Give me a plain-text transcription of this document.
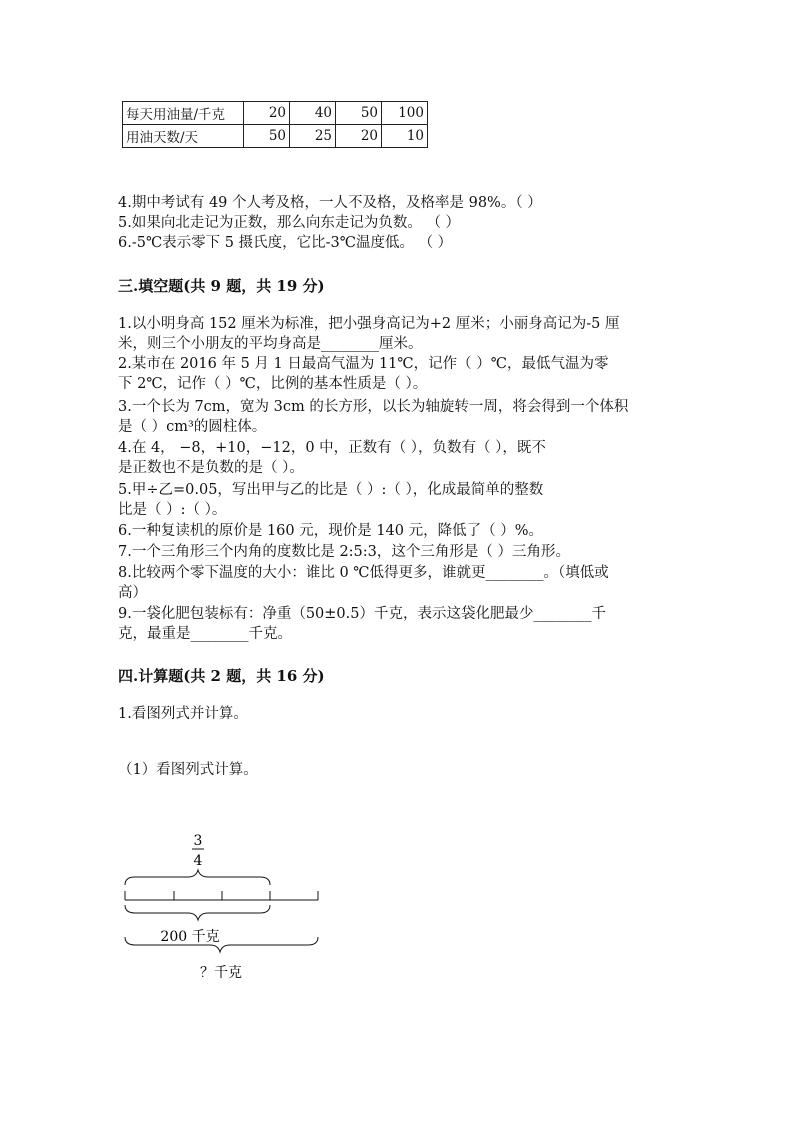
每天用油量/千克	20	40	50	100
用油天数/天	50	25	20	10
4.期中考试有 49 个人考及格，一人不及格，及格率是 98%。（ ）
5.如果向北走记为正数，那么向东走记为负数。 （ ）
6.-5℃表示零下 5 摄氏度，它比-3℃温度低。 （ ）
三.填空题(共 9 题，共 19 分)
1.以小明身高 152 厘米为标准，把小强身高记为+2 厘米；小丽身高记为-5 厘
米，则三个小朋友的平均身高是________厘米。
2.某市在 2016 年 5 月 1 日最高气温为 11℃，记作（ ）℃，最低气温为零
下 2℃，记作（ ）℃，比例的基本性质是（ ）。
3.一个长为 7cm，宽为 3cm 的长方形，以长为轴旋转一周，将会得到一个体积
是（ ）cm³的圆柱体。
4.在 4， −8，+10，−12，0 中，正数有（ ），负数有（ ），既不
是正数也不是负数的是（ ）。
5.甲÷乙=0.05，写出甲与乙的比是（ ）:（ ），化成最简单的整数
比是（ ）:（ ）。
6.一种复读机的原价是 160 元，现价是 140 元，降低了（ ）%。
7.一个三角形三个内角的度数比是 2:5:3，这个三角形是（ ）三角形。
8.比较两个零下温度的大小：谁比 0 ℃低得更多，谁就更________。（填低或
高）
9.一袋化肥包装标有：净重（50±0.5）千克，表示这袋化肥最少________千
克，最重是________千克。
四.计算题(共 2 题，共 16 分)
1.看图列式并计算。
（1）看图列式计算。
3
4
200 千克
？千克
